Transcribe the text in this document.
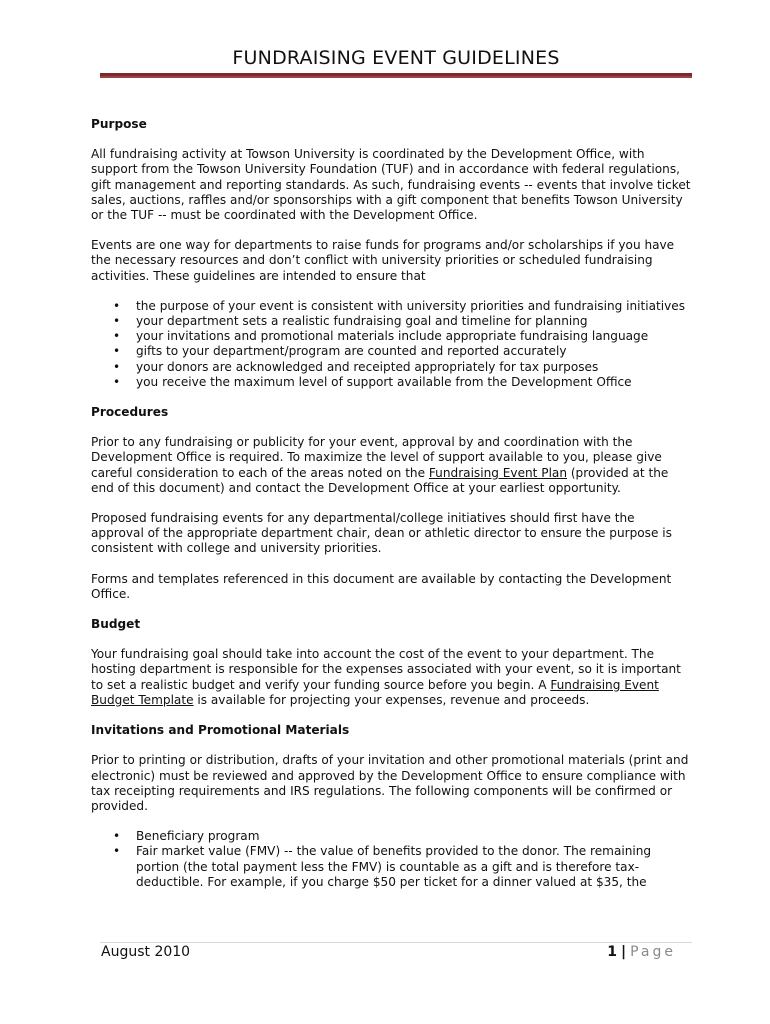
FUNDRAISING EVENT GUIDELINES
Purpose

All fundraising activity at Towson University is coordinated by the Development Office, with support from the Towson University Foundation (TUF) and in accordance with federal regulations, gift management and reporting standards. As such, fundraising events -- events that involve ticket sales, auctions, raffles and/or sponsorships with a gift component that benefits Towson University or the TUF -- must be coordinated with the Development Office.

Events are one way for departments to raise funds for programs and/or scholarships if you have the necessary resources and don’t conflict with university priorities or scheduled fundraising activities. These guidelines are intended to ensure that

• the purpose of your event is consistent with university priorities and fundraising initiatives
• your department sets a realistic fundraising goal and timeline for planning
• your invitations and promotional materials include appropriate fundraising language
• gifts to your department/program are counted and reported accurately
• your donors are acknowledged and receipted appropriately for tax purposes
• you receive the maximum level of support available from the Development Office
Procedures

Prior to any fundraising or publicity for your event, approval by and coordination with the Development Office is required. To maximize the level of support available to you, please give careful consideration to each of the areas noted on the Fundraising Event Plan (provided at the end of this document) and contact the Development Office at your earliest opportunity.

Proposed fundraising events for any departmental/college initiatives should first have the approval of the appropriate department chair, dean or athletic director to ensure the purpose is consistent with college and university priorities.

Forms and templates referenced in this document are available by contacting the Development Office.

Budget

Your fundraising goal should take into account the cost of the event to your department. The hosting department is responsible for the expenses associated with your event, so it is important to set a realistic budget and verify your funding source before you begin. A Fundraising Event Budget Template is available for projecting your expenses, revenue and proceeds.

Invitations and Promotional Materials

Prior to printing or distribution, drafts of your invitation and other promotional materials (print and electronic) must be reviewed and approved by the Development Office to ensure compliance with tax receipting requirements and IRS regulations. The following components will be confirmed or provided.

• Beneficiary program
• Fair market value (FMV) -- the value of benefits provided to the donor. The remaining portion (the total payment less the FMV) is countable as a gift and is therefore tax-deductible. For example, if you charge $50 per ticket for a dinner valued at $35, the
August 2010	1 | Page
